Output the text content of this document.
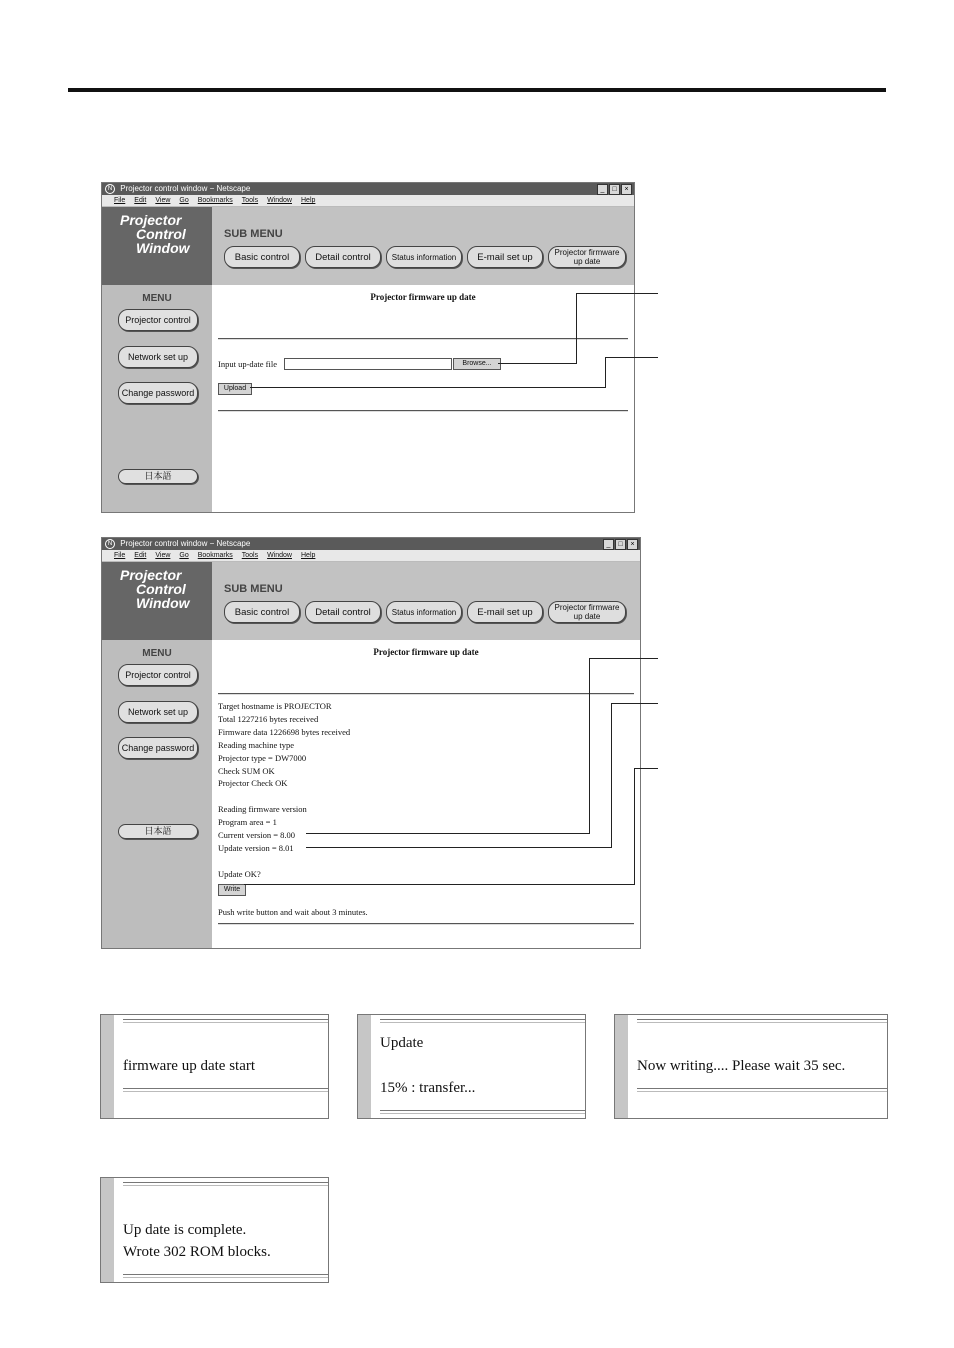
N Projector control window − Netscape	_	□	×
File Edit View Go Bookmarks Tools Window Help
Projector
Control
Window
SUB MENU
Basic control	Detail control	Status information	E-mail set up	Projector firmware up date
MENU
Projector control
Network set up
Change password
日本語
Projector firmware up date
Input up-date file	Browse...
Upload
N Projector control window − Netscape	_	□	×
File Edit View Go Bookmarks Tools Window Help
Projector
Control
Window
SUB MENU
Basic control	Detail control	Status information	E-mail set up	Projector firmware up date
MENU
Projector control
Network set up
Change password
日本語
Projector firmware up date
Target hostname is PROJECTOR
Total 1227216 bytes received
Firmware data 1226698 bytes received
Reading machine type
Projector type = DW7000
Check SUM OK
Projector Check OK
Reading firmware version
Program area = 1
Current version = 8.00
Update version = 8.01
Update OK?
Write
Push write button and wait about 3 minutes.
firmware up date start
Update
15% : transfer...
Now writing.... Please wait 35 sec.
Up date is complete.
Wrote 302 ROM blocks.
